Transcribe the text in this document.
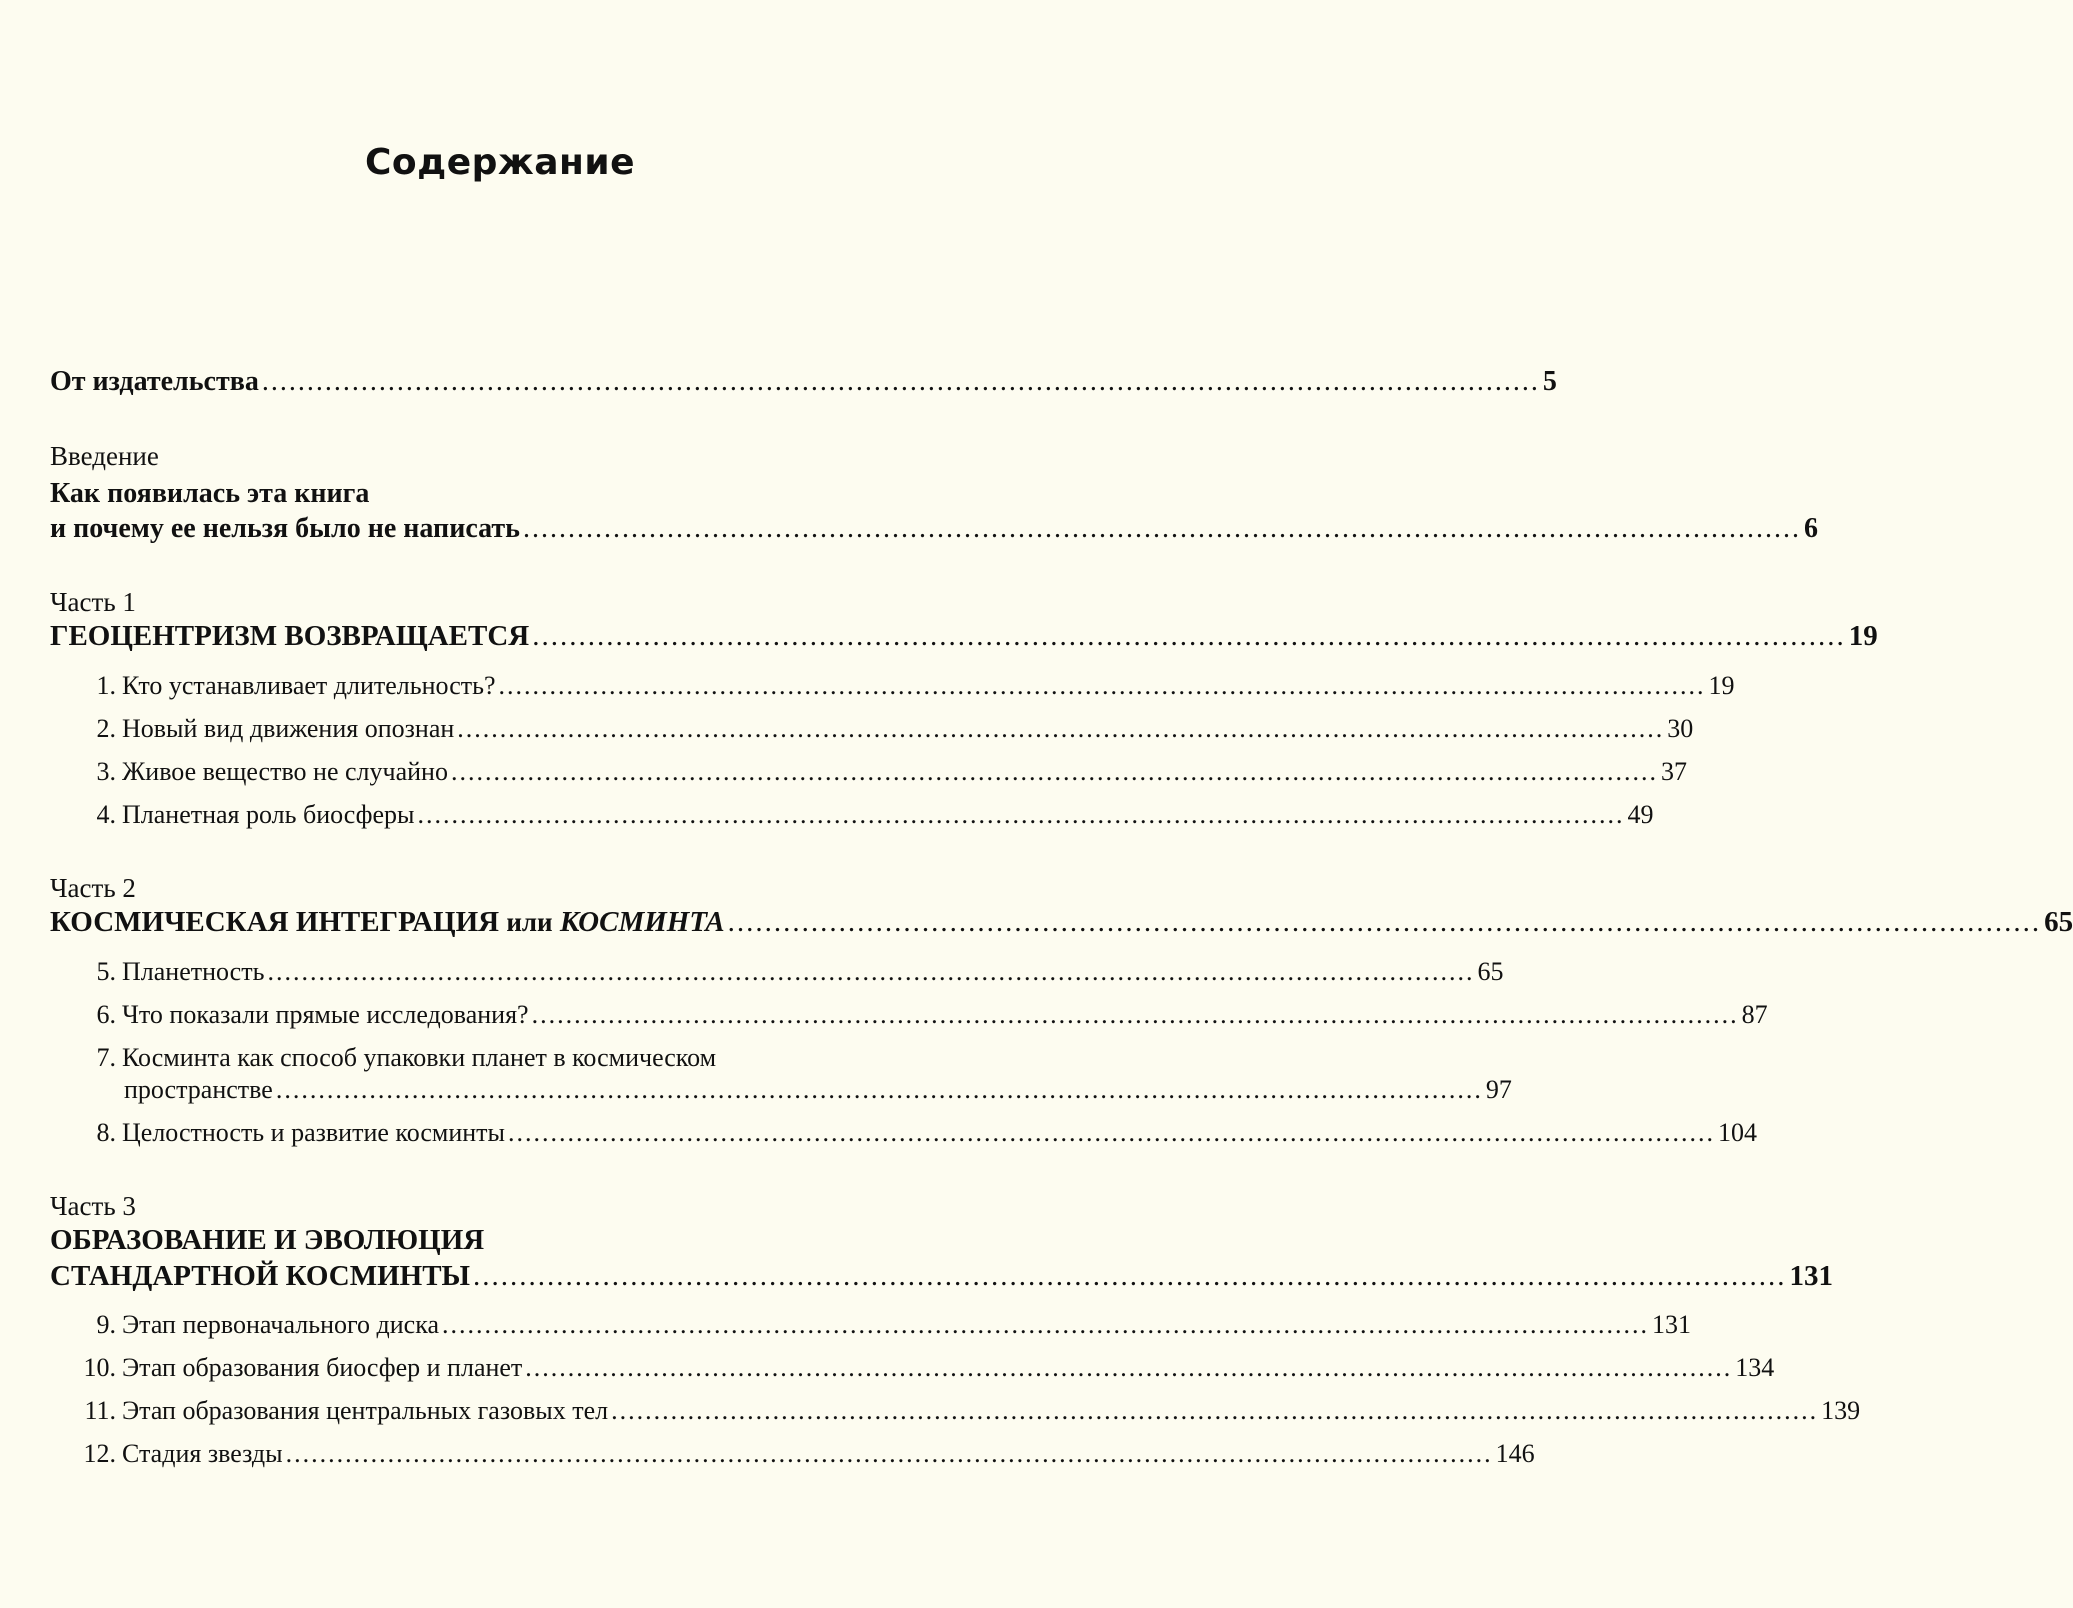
Содержание
От издательства .............................................................................................................................................. 5
Введение
Как появилась эта книга
и почему ее нельзя было не написать .............................................................................................................................................. 6
Часть 1
ГЕОЦЕНТРИЗМ ВОЗВРАЩАЕТСЯ .............................................................................................................................................. 19
1. Кто устанавливает длительность? .............................................................................................................................................. 19
2. Новый вид движения опознан .............................................................................................................................................. 30
3. Живое вещество не случайно .............................................................................................................................................. 37
4. Планетная роль биосферы .............................................................................................................................................. 49
Часть 2
КОСМИЧЕСКАЯ ИНТЕГРАЦИЯ или КОСМИНТА .............................................................................................................................................. 65
5. Планетность .............................................................................................................................................. 65
6. Что показали прямые исследования? .............................................................................................................................................. 87
7. Косминта как способ упаковки планет в космическом
пространстве .............................................................................................................................................. 97
8. Целостность и развитие косминты .............................................................................................................................................. 104
Часть 3
ОБРАЗОВАНИЕ И ЭВОЛЮЦИЯ
СТАНДАРТНОЙ КОСМИНТЫ .............................................................................................................................................. 131
9. Этап первоначального диска .............................................................................................................................................. 131
10. Этап образования биосфер и планет .............................................................................................................................................. 134
11. Этап образования центральных газовых тел .............................................................................................................................................. 139
12. Стадия звезды .............................................................................................................................................. 146
